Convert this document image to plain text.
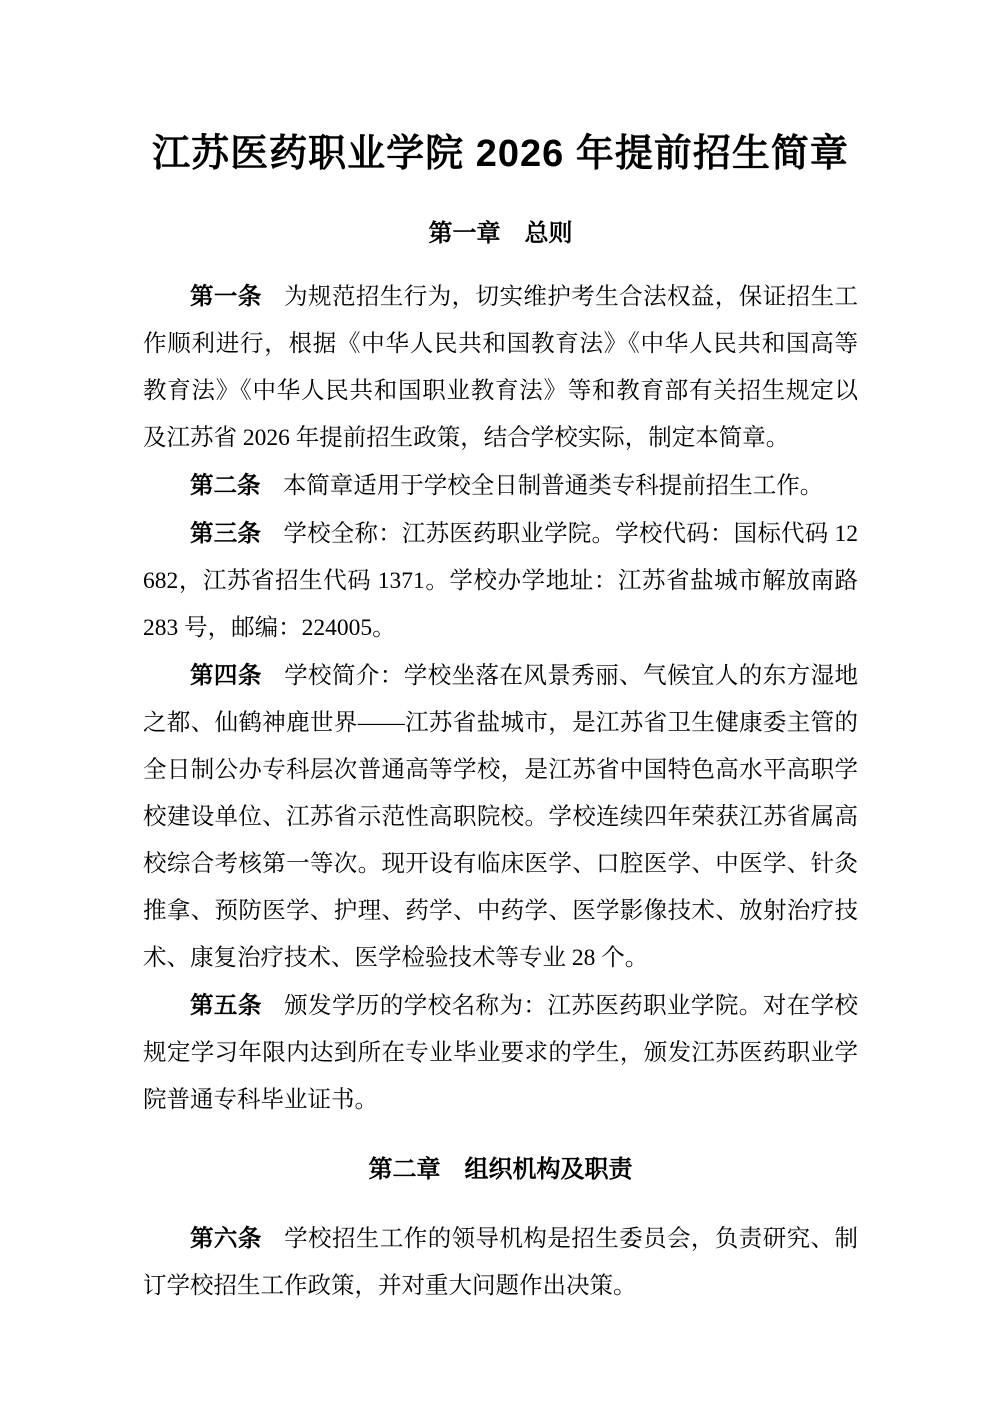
江苏医药职业学院 2026 年提前招生简章
第一章　总则

第一条 为规范招生行为，切实维护考生合法权益，保证招生工作顺利进行，根据《中华人民共和国教育法》《中华人民共和国高等教育法》《中华人民共和国职业教育法》等和教育部有关招生规定以及江苏省 2026 年提前招生政策，结合学校实际，制定本简章。

第二条 本简章适用于学校全日制普通类专科提前招生工作。

第三条 学校全称：江苏医药职业学院。学校代码：国标代码 12682，江苏省招生代码 1371。学校办学地址：江苏省盐城市解放南路 283 号，邮编：224005。

第四条 学校简介：学校坐落在风景秀丽、气候宜人的东方湿地之都、仙鹤神鹿世界——江苏省盐城市，是江苏省卫生健康委主管的全日制公办专科层次普通高等学校，是江苏省中国特色高水平高职学校建设单位、江苏省示范性高职院校。学校连续四年荣获江苏省属高校综合考核第一等次。现开设有临床医学、口腔医学、中医学、针灸推拿、预防医学、护理、药学、中药学、医学影像技术、放射治疗技术、康复治疗技术、医学检验技术等专业 28 个。

第五条 颁发学历的学校名称为：江苏医药职业学院。对在学校规定学习年限内达到所在专业毕业要求的学生，颁发江苏医药职业学院普通专科毕业证书。

第二章　组织机构及职责

第六条 学校招生工作的领导机构是招生委员会，负责研究、制订学校招生工作政策，并对重大问题作出决策。
